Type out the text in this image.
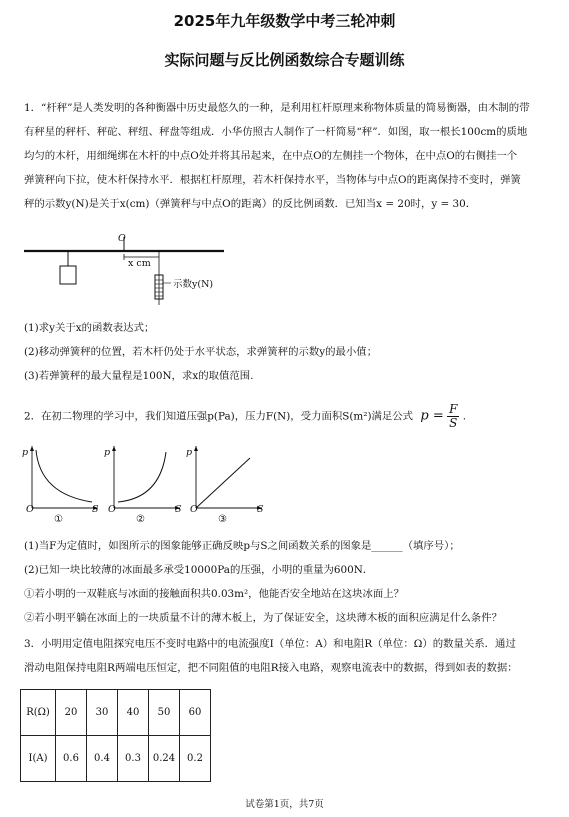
2025年九年级数学中考三轮冲刺
实际问题与反比例函数综合专题训练
1．“杆秤”是人类发明的各种衡器中历史最悠久的一种，是利用杠杆原理来称物体质量的简易衡器，由木制的带
有秤星的秤杆、秤砣、秤纽、秤盘等组成．小华仿照古人制作了一杆简易“秤”．如图，取一根长100cm的质地
均匀的木杆，用细绳绑在木杆的中点O处并将其吊起来，在中点O的左侧挂一个物体，在中点O的右侧挂一个
弹簧秤向下拉，使木杆保持水平．根据杠杆原理，若木杆保持水平，当物体与中点O的距离保持不变时，弹簧
秤的示数y(N)是关于x(cm)（弹簧秤与中点O的距离）的反比例函数．已知当x = 20时，y = 30．
O
x cm
示数y(N)
(1)求y关于x的函数表达式；
(2)移动弹簧秤的位置，若木杆仍处于水平状态，求弹簧秤的示数y的最小值；
(3)若弹簧秤的最大量程是100N，求x的取值范围.
2．在初二物理的学习中，我们知道压强p(Pa)，压力F(N)，受力面积S(m²)满足公式 $p = \frac{F}{S}$ .
p
O	S
①
p
O	S
②
p
O	S
③
(1)当F为定值时，如图所示的图象能够正确反映p与S之间函数关系的图象是______（填序号）；
(2)已知一块比较薄的冰面最多承受10000Pa的压强，小明的重量为600N．
①若小明的一双鞋底与冰面的接触面积共0.03m²，他能否安全地站在这块冰面上？
②若小明平躺在冰面上的一块质量不计的薄木板上，为了保证安全，这块薄木板的面积应满足什么条件？
3．小明用定值电阻探究电压不变时电路中的电流强度I（单位：A）和电阻R（单位：Ω）的数量关系．通过
滑动电阻保持电阻R两端电压恒定，把不同阻值的电阻R接入电路，观察电流表中的数据，得到如表的数据：
R(Ω)	20	30	40	50	60
I(A)	0.6	0.4	0.3	0.24	0.2
试卷第1页，共7页
